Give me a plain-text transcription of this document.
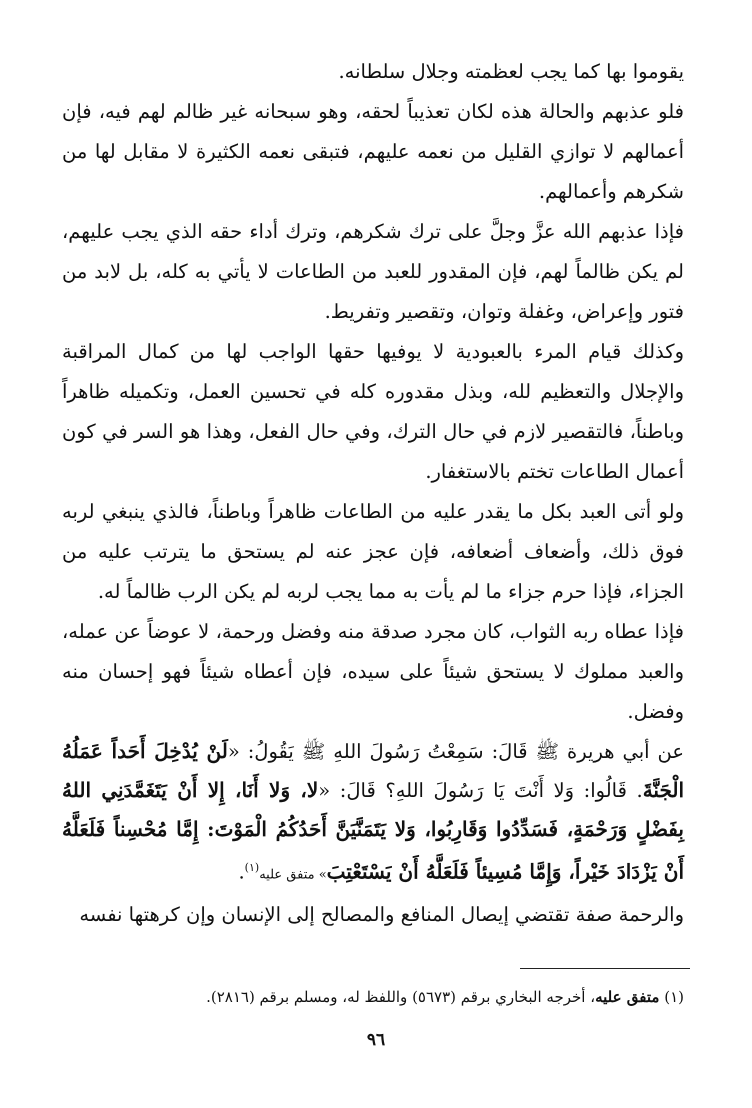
يقوموا بها كما يجب لعظمته وجلال سلطانه.

فلو عذبهم والحالة هذه لكان تعذيباً لحقه، وهو سبحانه غير ظالم لهم فيه، فإن أعمالهم لا توازي القليل من نعمه عليهم، فتبقى نعمه الكثيرة لا مقابل لها من شكرهم وأعمالهم.

فإذا عذبهم الله عزَّ وجلَّ على ترك شكرهم، وترك أداء حقه الذي يجب عليهم، لم يكن ظالماً لهم، فإن المقدور للعبد من الطاعات لا يأتي به كله، بل لابد من فتور وإعراض، وغفلة وتوان، وتقصير وتفريط.

وكذلك قيام المرء بالعبودية لا يوفيها حقها الواجب لها من كمال المراقبة والإجلال والتعظيم لله، وبذل مقدوره كله في تحسين العمل، وتكميله ظاهراً وباطناً، فالتقصير لازم في حال الترك، وفي حال الفعل، وهذا هو السر في كون أعمال الطاعات تختم بالاستغفار.

ولو أتى العبد بكل ما يقدر عليه من الطاعات ظاهراً وباطناً، فالذي ينبغي لربه فوق ذلك، وأضعاف أضعافه، فإن عجز عنه لم يستحق ما يترتب عليه من الجزاء، فإذا حرم جزاء ما لم يأت به مما يجب لربه لم يكن الرب ظالماً له.

فإذا عطاه ربه الثواب، كان مجرد صدقة منه وفضل ورحمة، لا عوضاً عن عمله، والعبد مملوك لا يستحق شيئاً على سيده، فإن أعطاه شيئاً فهو إحسان منه وفضل.

عن أبي هريرة ﷺ قَالَ: سَمِعْتُ رَسُولَ اللهِ ﷺ يَقُولُ: «لَنْ يُدْخِلَ أَحَداً عَمَلُهُ الْجَنَّةَ. قَالُوا: وَلا أَنْتَ يَا رَسُولَ اللهِ؟ قَالَ: «لا، وَلا أَنَا، إِلا أَنْ يَتَغَمَّدَنِي اللهُ بِفَضْلٍ وَرَحْمَةٍ، فَسَدِّدُوا وَقَارِبُوا، وَلا يَتَمَنَّيَنَّ أَحَدُكُمُ الْمَوْتَ: إِمَّا مُحْسِناً فَلَعَلَّهُ أَنْ يَزْدَادَ خَيْراً، وَإِمَّا مُسِيئاً فَلَعَلَّهُ أَنْ يَسْتَعْتِبَ» متفق عليه$^{(١)}$.

والرحمة صفة تقتضي إيصال المنافع والمصالح إلى الإنسان وإن كرهتها نفسه

(١) متفق عليه، أخرجه البخاري برقم (٥٦٧٣) واللفظ له، ومسلم برقم (٢٨١٦).
٩٦
